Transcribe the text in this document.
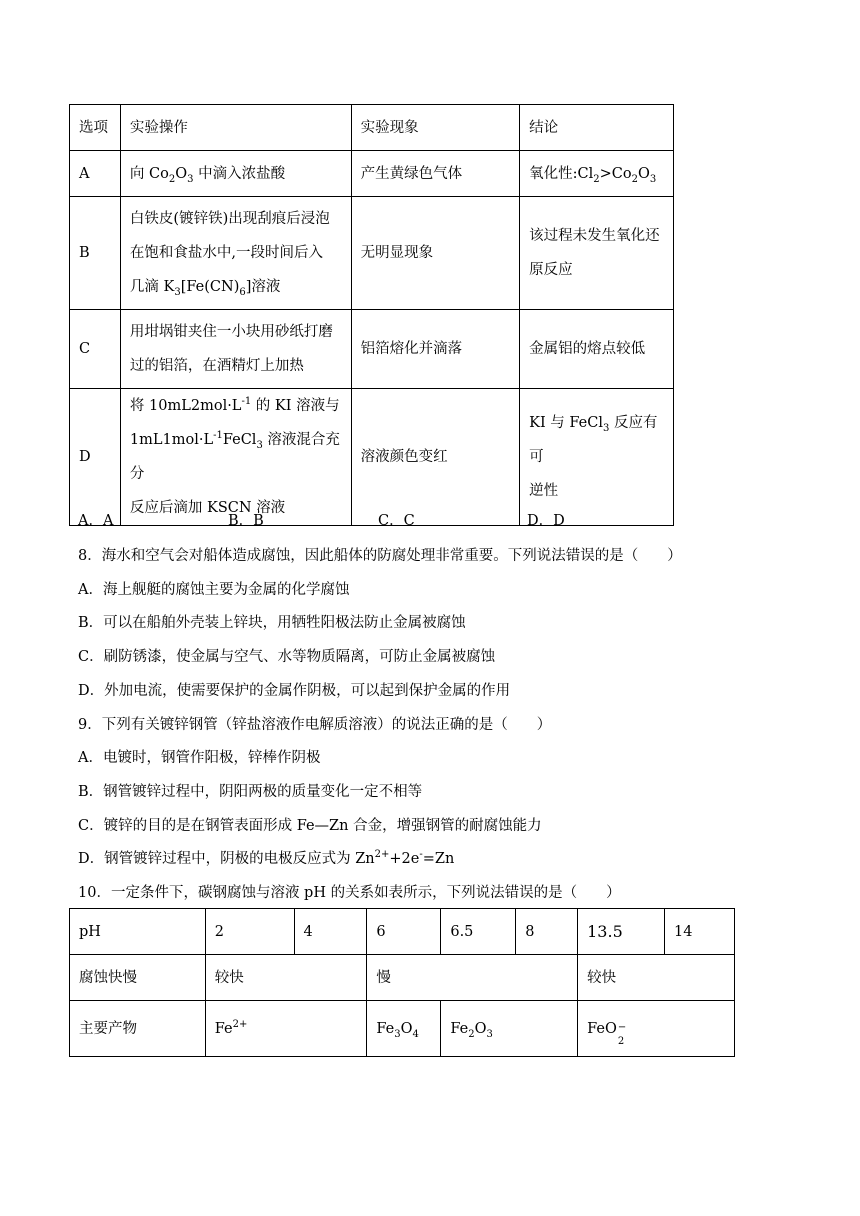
选项	实验操作	实验现象	结论
A	向 $Co_2O_3$ 中滴入浓盐酸	产生黄绿色气体	氧化性$:Cl_2>Co_2O_3$
B	白铁皮(镀锌铁)出现刮痕后浸泡
在饱和食盐水中,一段时间后入
几滴 $K_3[Fe(CN)_6]$溶液	无明显现象	该过程未发生氧化还
原反应
C	用坩埚钳夹住一小块用砂纸打磨
过的铝箔，在酒精灯上加热	铝箔熔化并滴落	金属铝的熔点较低
D	将 $10mL2mol\cdot L^{-1}$ 的 KI 溶液与
$1mL1mol\cdot L^{-1}FeCl_3$ 溶液混合充分
反应后滴加 KSCN 溶液	溶液颜色变红	KI 与 FeCl$_3$ 反应有可
逆性
A．A	B．B	C．C	D．D
8．海水和空气会对船体造成腐蚀，因此船体的防腐处理非常重要。下列说法错误的是（　　）
A．海上舰艇的腐蚀主要为金属的化学腐蚀
B．可以在船舶外壳装上锌块，用牺牲阳极法防止金属被腐蚀
C．刷防锈漆，使金属与空气、水等物质隔离，可防止金属被腐蚀
D．外加电流，使需要保护的金属作阴极，可以起到保护金属的作用
9．下列有关镀锌钢管（锌盐溶液作电解质溶液）的说法正确的是（　　）
A．电镀时，钢管作阳极，锌棒作阴极
B．钢管镀锌过程中，阴阳两极的质量变化一定不相等
C．镀锌的目的是在钢管表面形成 Fe—Zn 合金，增强钢管的耐腐蚀能力
D．钢管镀锌过程中，阴极的电极反应式为 $Zn^{2+}+2e^-=Zn$
10．一定条件下，碳钢腐蚀与溶液 pH 的关系如表所示，下列说法错误的是（　　）
pH	2	4	6	6.5	8	13.5	14
腐蚀快慢	较快		慢			较快	
主要产物	$Fe^{2+}$		$Fe_3O_4$	$Fe_2O_3$		FeO −
2	
